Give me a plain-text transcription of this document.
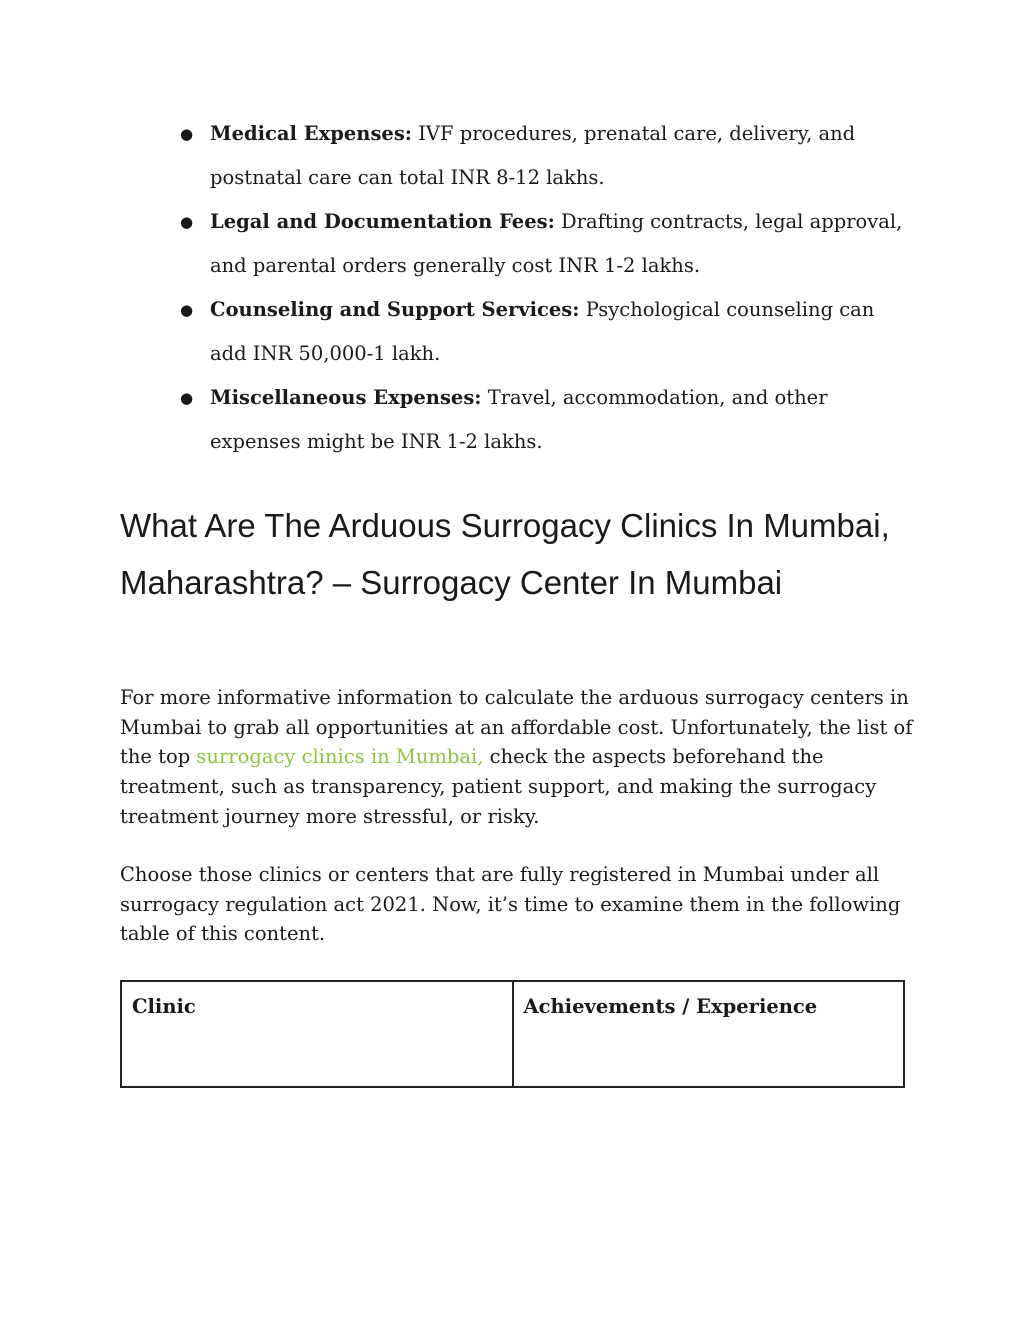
● Medical Expenses: IVF procedures, prenatal care, delivery, and postnatal care can total INR 8-12 lakhs.
● Legal and Documentation Fees: Drafting contracts, legal approval, and parental orders generally cost INR 1-2 lakhs.
● Counseling and Support Services: Psychological counseling can add INR 50,000-1 lakh.
● Miscellaneous Expenses: Travel, accommodation, and other expenses might be INR 1-2 lakhs.
What Are The Arduous Surrogacy Clinics In Mumbai, Maharashtra? – Surrogacy Center In Mumbai

For more informative information to calculate the arduous surrogacy centers in Mumbai to grab all opportunities at an affordable cost. Unfortunately, the list of the top surrogacy clinics in Mumbai, check the aspects beforehand the treatment, such as transparency, patient support, and making the surrogacy treatment journey more stressful, or risky.

Choose those clinics or centers that are fully registered in Mumbai under all surrogacy regulation act 2021. Now, it’s time to examine them in the following table of this content.

Clinic	Achievements / Experience
